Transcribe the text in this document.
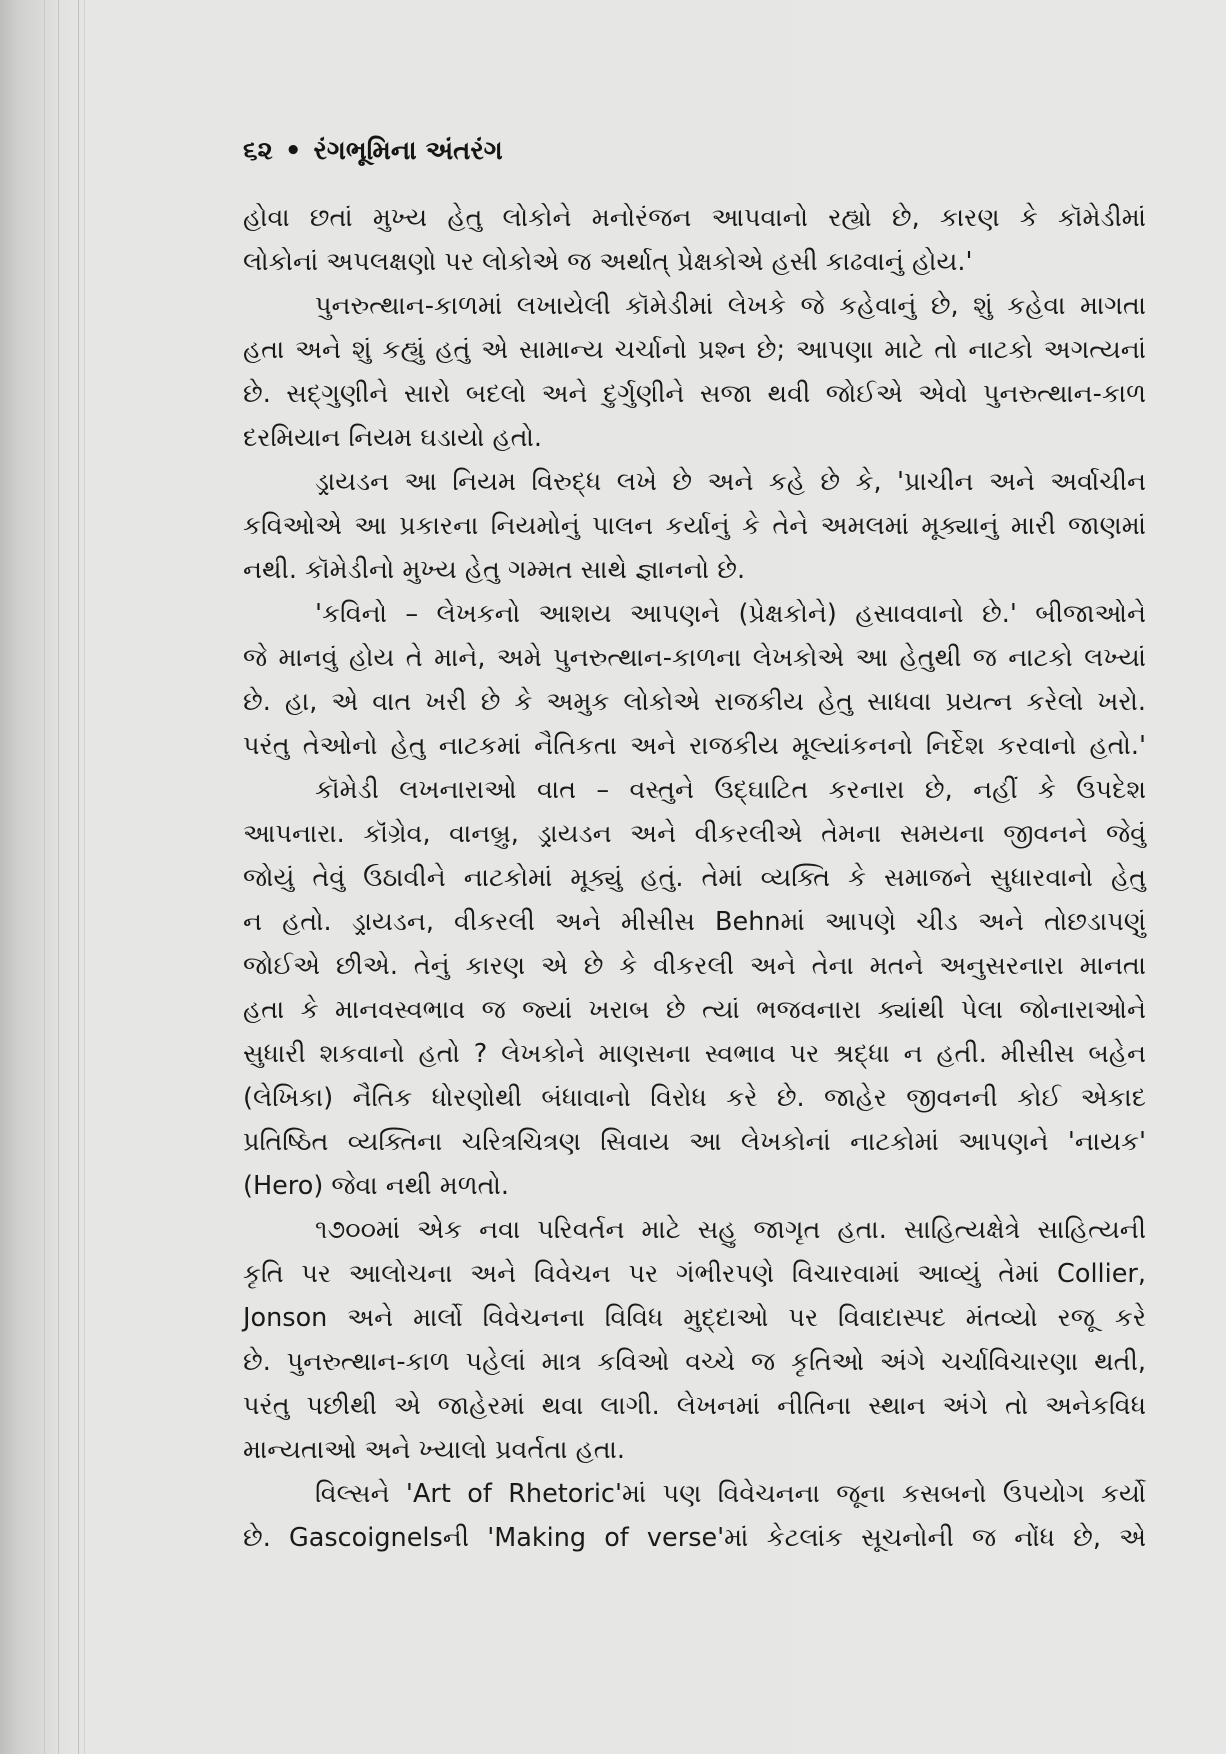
૬૨ • રંગભૂમિના અંતરંગ
હોવા છતાં મુખ્ય હેતુ લોકોને મનોરંજન આપવાનો રહ્યો છે, કારણ કે કૉમેડીમાં
લોકોનાં અપલક્ષણો પર લોકોએ જ અર્થાત્ પ્રેક્ષકોએ હસી કાઢવાનું હોય.'
પુનરુત્થાન-કાળમાં લખાયેલી કૉમેડીમાં લેખકે જે કહેવાનું છે, શું કહેવા માગતા
હતા અને શું કહ્યું હતું એ સામાન્ય ચર્ચાનો પ્રશ્ન છે; આપણા માટે તો નાટકો અગત્યનાં
છે. સદ્ગુણીને સારો બદલો અને દુર્ગુણીને સજા થવી જોઈએ એવો પુનરુત્થાન-કાળ
દરમિયાન નિયમ ઘડાયો હતો.
ડ્રાયડન આ નિયમ વિરુદ્ધ લખે છે અને કહે છે કે, 'પ્રાચીન અને અર્વાચીન
કવિઓએ આ પ્રકારના નિયમોનું પાલન કર્યાનું કે તેને અમલમાં મૂક્યાનું મારી જાણમાં
નથી. કૉમેડીનો મુખ્ય હેતુ ગમ્મત સાથે જ્ઞાનનો છે.
'કવિનો – લેખકનો આશય આપણને (પ્રેક્ષકોને) હસાવવાનો છે.' બીજાઓને
જે માનવું હોય તે માને, અમે પુનરુત્થાન-કાળના લેખકોએ આ હેતુથી જ નાટકો લખ્યાં
છે. હા, એ વાત ખરી છે કે અમુક લોકોએ રાજકીય હેતુ સાધવા પ્રયત્ન કરેલો ખરો.
પરંતુ તેઓનો હેતુ નાટકમાં નૈતિકતા અને રાજકીય મૂલ્યાંકનનો નિર્દેશ કરવાનો હતો.'
કૉમેડી લખનારાઓ વાત – વસ્તુને ઉદ્ઘાટિત કરનારા છે, નહીં કે ઉપદેશ
આપનારા. કૉંગ્રેવ, વાનબ્રુ, ડ્રાયડન અને વીકરલીએ તેમના સમયના જીવનને જેવું
જોયું તેવું ઉઠાવીને નાટકોમાં મૂક્યું હતું. તેમાં વ્યક્તિ કે સમાજને સુધારવાનો હેતુ
ન હતો. ડ્રાયડન, વીકરલી અને મીસીસ Behnમાં આપણે ચીડ અને તોછડાપણું
જોઈએ છીએ. તેનું કારણ એ છે કે વીકરલી અને તેના મતને અનુસરનારા માનતા
હતા કે માનવસ્વભાવ જ જ્યાં ખરાબ છે ત્યાં ભજવનારા ક્યાંથી પેલા જોનારાઓને
સુધારી શકવાનો હતો ? લેખકોને માણસના સ્વભાવ પર શ્રદ્ધા ન હતી. મીસીસ બહેન
(લેખિકા) નૈતિક ધોરણોથી બંધાવાનો વિરોધ કરે છે. જાહેર જીવનની કોઈ એકાદ
પ્રતિષ્ઠિત વ્યક્તિના ચરિત્રચિત્રણ સિવાય આ લેખકોનાં નાટકોમાં આપણને 'નાયક'
(Hero) જેવા નથી મળતો.
૧૭૦૦માં એક નવા પરિવર્તન માટે સહુ જાગૃત હતા. સાહિત્યક્ષેત્રે સાહિત્યની
કૃતિ પર આલોચના અને વિવેચન પર ગંભીરપણે વિચારવામાં આવ્યું તેમાં Collier,
Jonson અને માર્લો વિવેચનના વિવિધ મુદ્દાઓ પર વિવાદાસ્પદ મંતવ્યો રજૂ કરે
છે. પુનરુત્થાન-કાળ પહેલાં માત્ર કવિઓ વચ્ચે જ કૃતિઓ અંગે ચર્ચાવિચારણા થતી,
પરંતુ પછીથી એ જાહેરમાં થવા લાગી. લેખનમાં નીતિના સ્થાન અંગે તો અનેકવિધ
માન્યતાઓ અને ખ્યાલો પ્રવર્તતા હતા.
વિલ્સને 'Art of Rhetoric'માં પણ વિવેચનના જૂના કસબનો ઉપયોગ કર્યો
છે. Gascoignelsની 'Making of verse'માં કેટલાંક સૂચનોની જ નોંધ છે, એ
